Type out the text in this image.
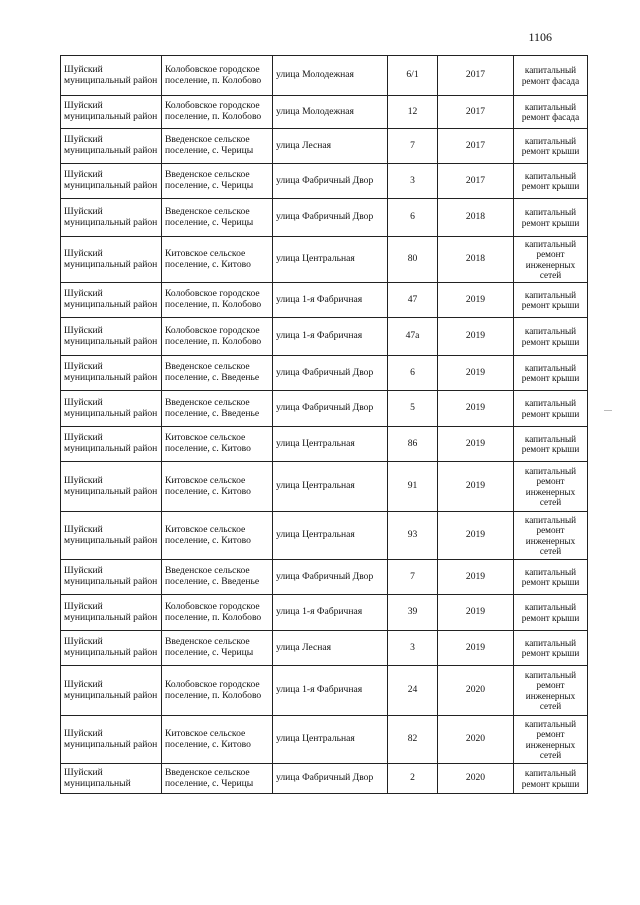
1106
Шуйский муниципальный район	Колобовское городское поселение, п. Колобово	улица Молодежная	6/1	2017	капитальный ремонт фасада
Шуйский муниципальный район	Колобовское городское поселение, п. Колобово	улица Молодежная	12	2017	капитальный ремонт фасада
Шуйский муниципальный район	Введенское сельское поселение, с. Черицы	улица Лесная	7	2017	капитальный ремонт крыши
Шуйский муниципальный район	Введенское сельское поселение, с. Черицы	улица Фабричный Двор	3	2017	капитальный ремонт крыши
Шуйский муниципальный район	Введенское сельское поселение, с. Черицы	улица Фабричный Двор	6	2018	капитальный ремонт крыши
Шуйский муниципальный район	Китовское сельское поселение, с. Китово	улица Центральная	80	2018	капитальный ремонт инженерных сетей
Шуйский муниципальный район	Колобовское городское поселение, п. Колобово	улица 1-я Фабричная	47	2019	капитальный ремонт крыши
Шуйский муниципальный район	Колобовское городское поселение, п. Колобово	улица 1-я Фабричная	47а	2019	капитальный ремонт крыши
Шуйский муниципальный район	Введенское сельское поселение, с. Введенье	улица Фабричный Двор	6	2019	капитальный ремонт крыши
Шуйский муниципальный район	Введенское сельское поселение, с. Введенье	улица Фабричный Двор	5	2019	капитальный ремонт крыши
Шуйский муниципальный район	Китовское сельское поселение, с. Китово	улица Центральная	86	2019	капитальный ремонт крыши
Шуйский муниципальный район	Китовское сельское поселение, с. Китово	улица Центральная	91	2019	капитальный ремонт инженерных сетей
Шуйский муниципальный район	Китовское сельское поселение, с. Китово	улица Центральная	93	2019	капитальный ремонт инженерных сетей
Шуйский муниципальный район	Введенское сельское поселение, с. Введенье	улица Фабричный Двор	7	2019	капитальный ремонт крыши
Шуйский муниципальный район	Колобовское городское поселение, п. Колобово	улица 1-я Фабричная	39	2019	капитальный ремонт крыши
Шуйский муниципальный район	Введенское сельское поселение, с. Черицы	улица Лесная	3	2019	капитальный ремонт крыши
Шуйский муниципальный район	Колобовское городское поселение, п. Колобово	улица 1-я Фабричная	24	2020	капитальный ремонт инженерных сетей
Шуйский муниципальный район	Китовское сельское поселение, с. Китово	улица Центральная	82	2020	капитальный ремонт инженерных сетей
Шуйский муниципальный	Введенское сельское поселение, с. Черицы	улица Фабричный Двор	2	2020	капитальный ремонт крыши
